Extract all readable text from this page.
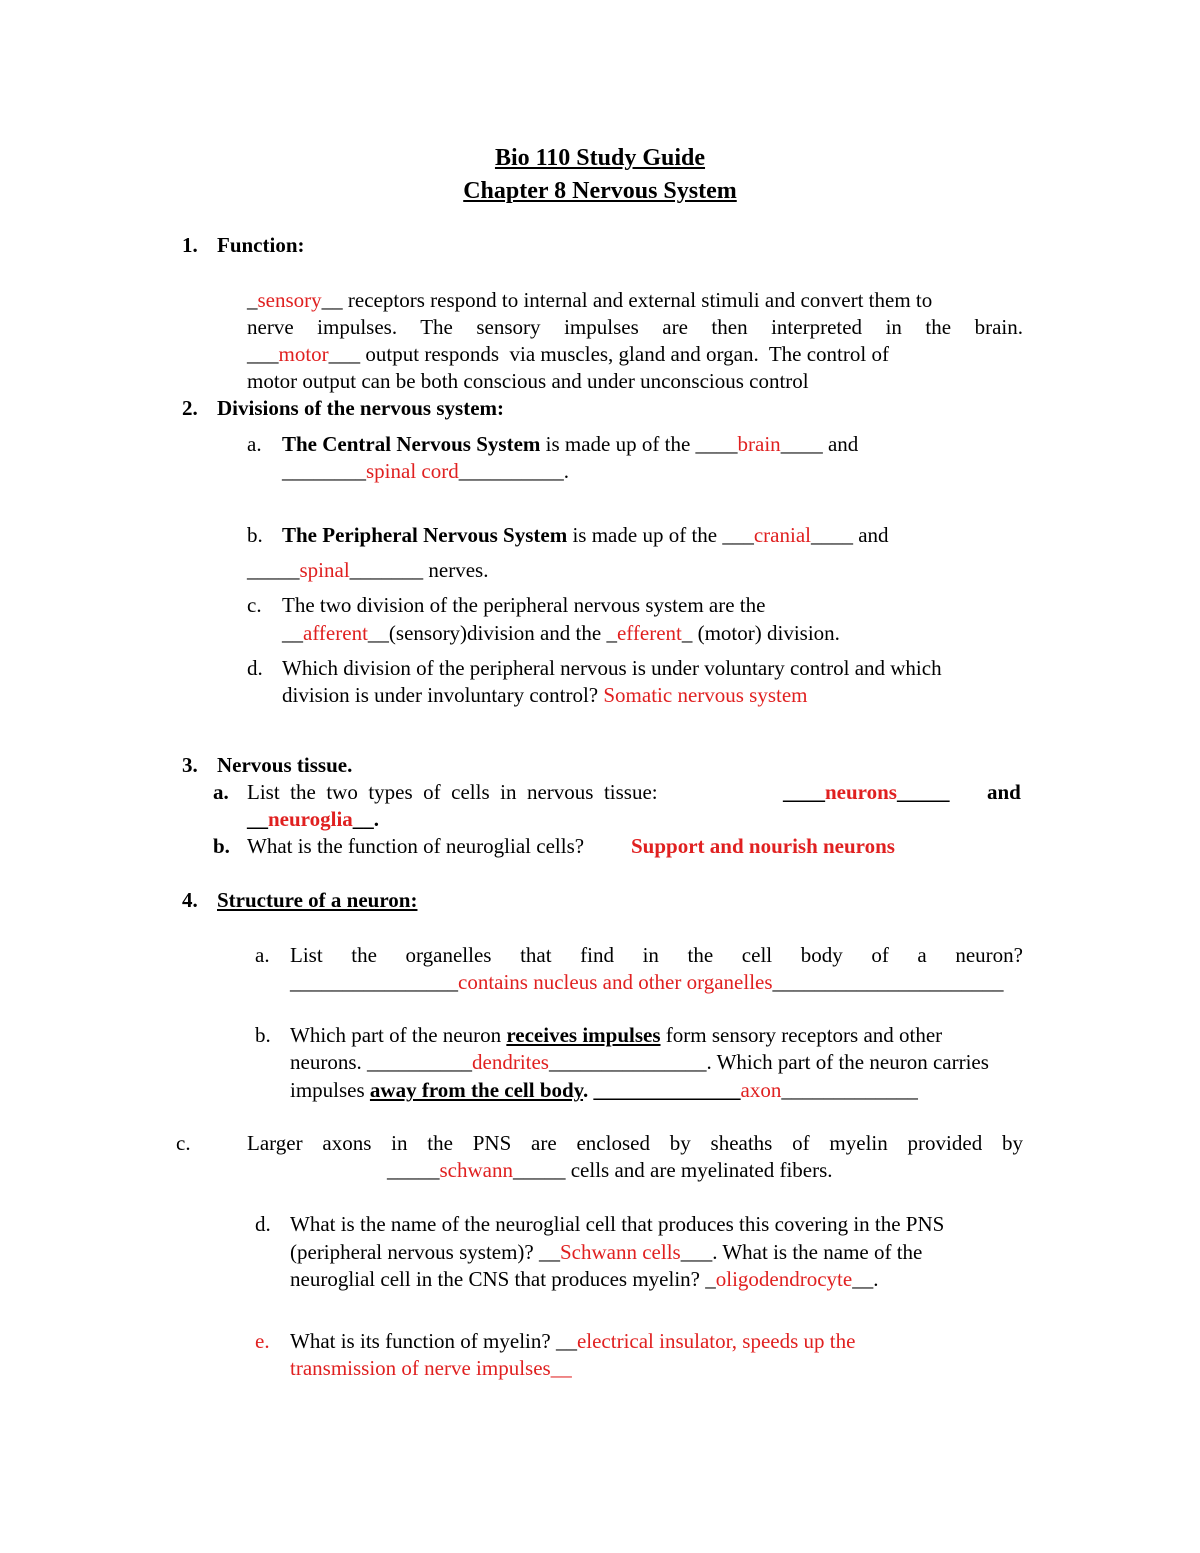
Bio 110 Study Guide
Chapter 8 Nervous System
1. Function:
_sensory__ receptors respond to internal and external stimuli and convert them to
nerve impulses. The sensory impulses are then interpreted in the brain.
___motor___ output responds  via muscles, gland and organ.  The control of
motor output can be both conscious and under unconscious control
2. Divisions of the nervous system:
a. The Central Nervous System is made up of the ____brain____ and
________spinal cord__________.
b. The Peripheral Nervous System is made up of the ___cranial____ and
_____spinal_______ nerves.
c. The two division of the peripheral nervous system are the
__afferent__(sensory)division and the _efferent_ (motor) division.
d. Which division of the peripheral nervous is under voluntary control and which
division is under involuntary control? Somatic nervous system
3. Nervous tissue.
a. List  the  two  types  of  cells  in  nervous  tissue:	____neurons_____ and
__neuroglia__.
b. What is the function of neuroglial cells? Support and nourish neurons
4. Structure of a neuron:
a. List the organelles that find in the cell body of a neuron?
________________contains nucleus and other organelles______________________
b. Which part of the neuron receives impulses form sensory receptors and other
neurons. __________dendrites_______________. Which part of the neuron carries
impulses away from the cell body. ______________axon_____________
c.	Larger axons in the PNS are enclosed by sheaths of myelin provided by
_____schwann_____ cells and are myelinated fibers.
d. What is the name of the neuroglial cell that produces this covering in the PNS
(peripheral nervous system)? __Schwann cells___. What is the name of the
neuroglial cell in the CNS that produces myelin? _oligodendrocyte__.
e. What is its function of myelin? __electrical insulator, speeds up the
transmission of nerve impulses__
